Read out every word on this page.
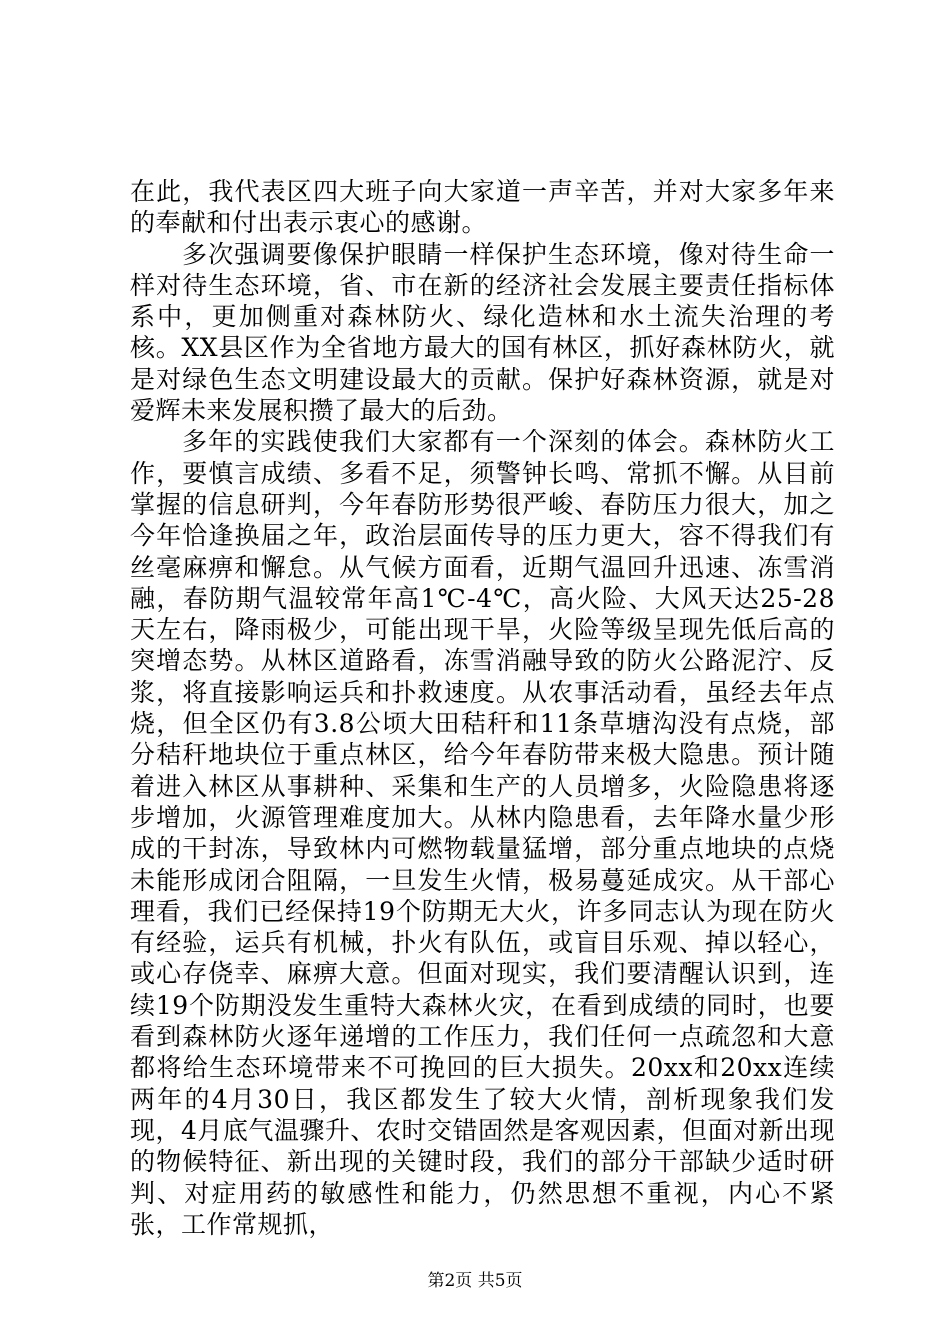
在此，我代表区四大班子向大家道一声辛苦，并对大家多年来的奉献和付出表示衷心的感谢。

多次强调要像保护眼睛一样保护生态环境，像对待生命一样对待生态环境，省、市在新的经济社会发展主要责任指标体系中，更加侧重对森林防火、绿化造林和水土流失治理的考核。XX县区作为全省地方最大的国有林区，抓好森林防火，就是对绿色生态文明建设最大的贡献。保护好森林资源，就是对爱辉未来发展积攒了最大的后劲。

多年的实践使我们大家都有一个深刻的体会。森林防火工作，要慎言成绩、多看不足，须警钟长鸣、常抓不懈。从目前掌握的信息研判，今年春防形势很严峻、春防压力很大，加之今年恰逢换届之年，政治层面传导的压力更大，容不得我们有丝毫麻痹和懈怠。从气候方面看，近期气温回升迅速、冻雪消融，春防期气温较常年高1℃-4℃，高火险、大风天达25-28天左右，降雨极少，可能出现干旱，火险等级呈现先低后高的突增态势。从林区道路看，冻雪消融导致的防火公路泥泞、反浆，将直接影响运兵和扑救速度。从农事活动看，虽经去年点烧，但全区仍有3.8公顷大田秸秆和11条草塘沟没有点烧，部分秸秆地块位于重点林区，给今年春防带来极大隐患。预计随着进入林区从事耕种、采集和生产的人员增多，火险隐患将逐步增加，火源管理难度加大。从林内隐患看，去年降水量少形成的干封冻，导致林内可燃物载量猛增，部分重点地块的点烧未能形成闭合阻隔，一旦发生火情，极易蔓延成灾。从干部心理看，我们已经保持19个防期无大火，许多同志认为现在防火有经验，运兵有机械，扑火有队伍，或盲目乐观、掉以轻心，或心存侥幸、麻痹大意。但面对现实，我们要清醒认识到，连续19个防期没发生重特大森林火灾，在看到成绩的同时，也要看到森林防火逐年递增的工作压力，我们任何一点疏忽和大意都将给生态环境带来不可挽回的巨大损失。20xx和20xx连续两年的4月30日，我区都发生了较大火情，剖析现象我们发现，4月底气温骤升、农时交错固然是客观因素，但面对新出现的物候特征、新出现的关键时段，我们的部分干部缺少适时研判、对症用药的敏感性和能力，仍然思想不重视，内心不紧张，工作常规抓，

第2页 共5页
